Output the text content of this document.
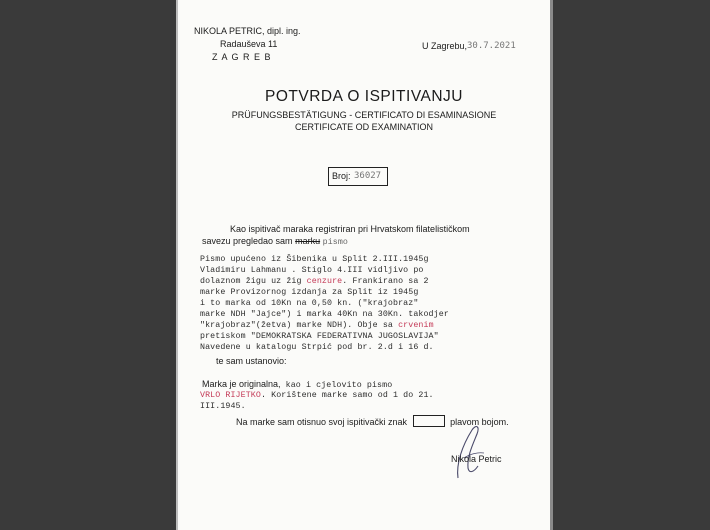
NIKOLA PETRIC, dipl. ing.
Radauševa 11
Z A G R E B
U Zagrebu, 30.7.2021
POTVRDA O ISPITIVANJU
PRÜFUNGSBESTÄTIGUNG - CERTIFICATO DI ESAMINASIONE
CERTIFICATE OD EXAMINATION
Broj: 36027
Kao ispitivač maraka registriran pri Hrvatskom filatelističkom
savezu pregledao sam marku pismo
Pismo upućeno iz Šibenika u Split 2.III.1945g
Vladimiru Lahmanu . Stiglo 4.III vidljivo po
dolaznom žigu uz žig cenzure. Frankirano sa 2
marke Provizornog izdanja za Split iz 1945g
i to marka od 10Kn na 0,50 kn. ("krajobraz"
marke NDH "Jajce") i marka 40Kn na 30Kn. takodjer
"krajobraz"(žetva) marke NDH). Obje sa crvenim
pretiskom "DEMOKRATSKA FEDERATIVNA JUGOSLAVIJA"
Navedene u katalogu Strpić pod br. 2.d i 16 d.
te sam ustanovio:
Marka je originalna, kao i cjelovito pismo
VRLO RIJETKO. Korištene marke samo od 1 do 21.
III.1945.
Na marke sam otisnuo svoj ispitivački znak	plavom bojom.
Nikola Petric
